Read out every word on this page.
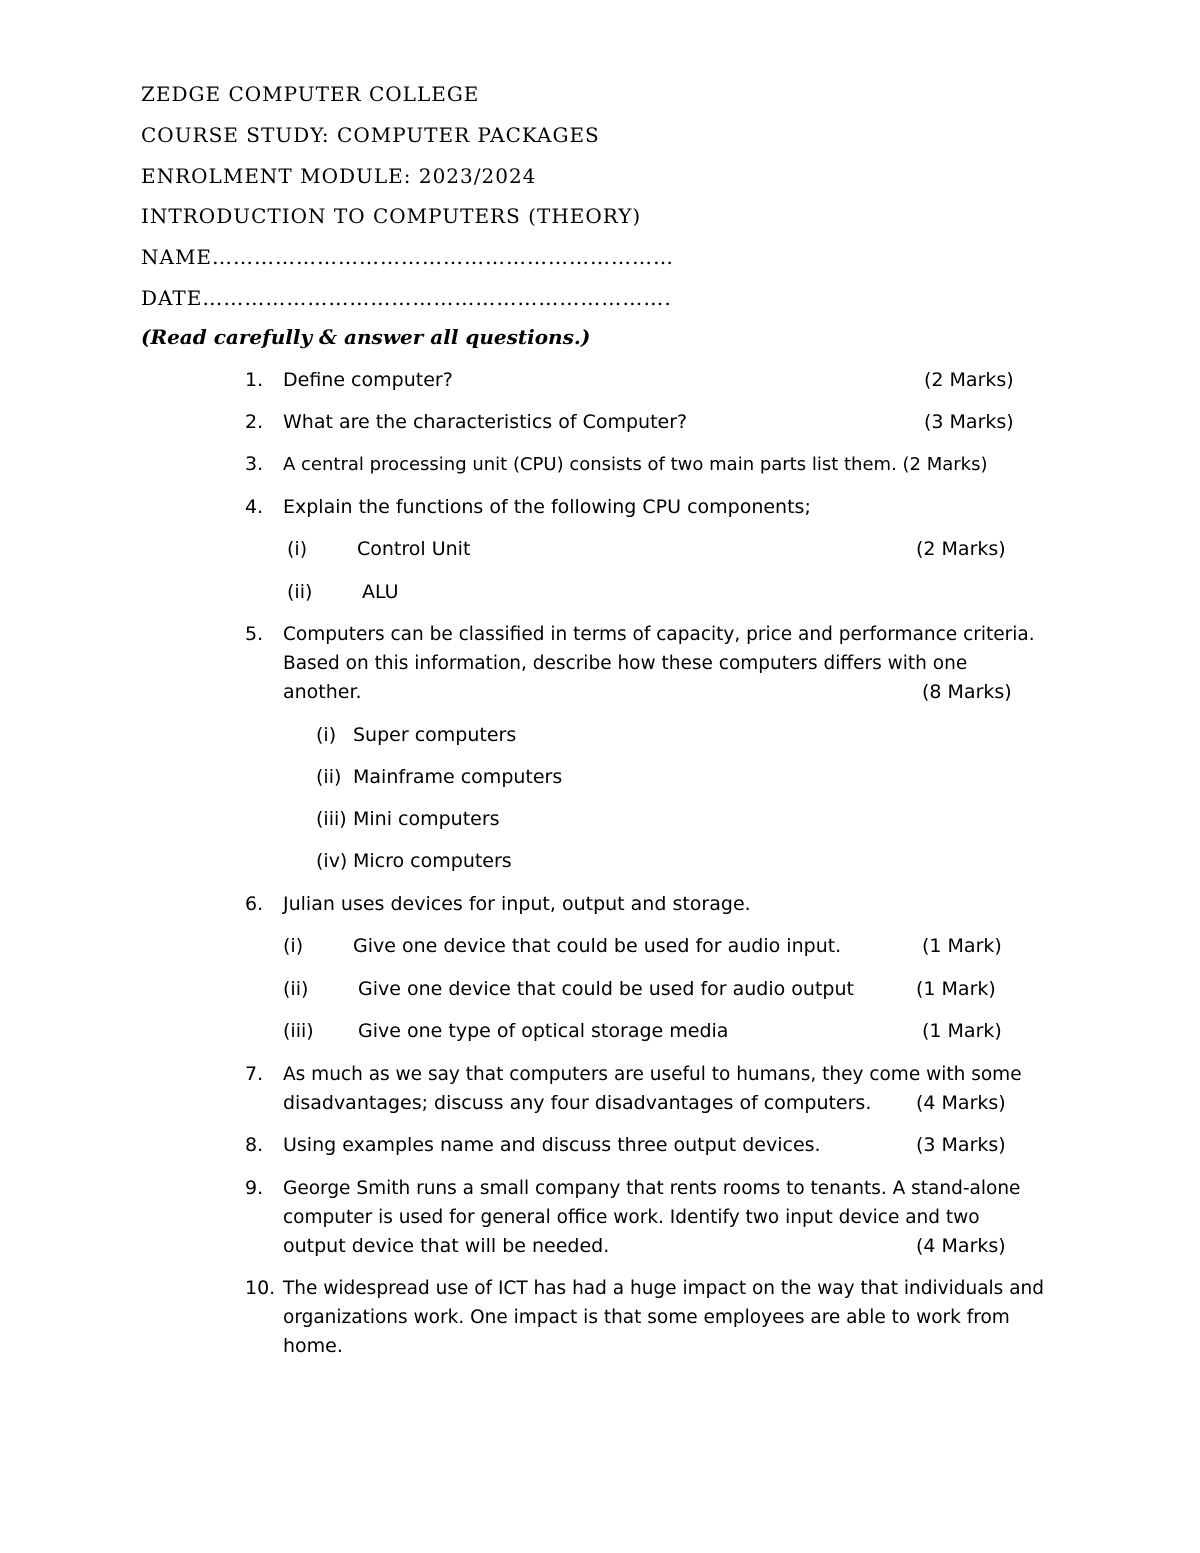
ZEDGE COMPUTER COLLEGE
COURSE STUDY: COMPUTER PACKAGES
ENROLMENT MODULE: 2023/2024
INTRODUCTION TO COMPUTERS (THEORY)
NAME…………………………………………………………
DATE………………………………………………………….
(Read carefully & answer all questions.)
1. Define computer?	(2 Marks)
2. What are the characteristics of Computer?	(3 Marks)
3. A central processing unit (CPU) consists of two main parts list them. (2 Marks)
4. Explain the functions of the following CPU components;
(i)	Control Unit	(2 Marks)
(ii)	ALU
5. Computers can be classified in terms of capacity, price and performance criteria.
Based on this information, describe how these computers differs with one
another.	(8 Marks)
(i) Super computers
(ii) Mainframe computers
(iii) Mini computers
(iv) Micro computers
6. Julian uses devices for input, output and storage.
(i)	Give one device that could be used for audio input.	(1 Mark)
(ii)	Give one device that could be used for audio output	(1 Mark)
(iii) Give one type of optical storage media	(1 Mark)
7. As much as we say that computers are useful to humans, they come with some
disadvantages; discuss any four disadvantages of computers. (4 Marks)
8. Using examples name and discuss three output devices.	(3 Marks)
9. George Smith runs a small company that rents rooms to tenants. A stand-alone
computer is used for general office work. Identify two input device and two
output device that will be needed.	(4 Marks)
10. The widespread use of ICT has had a huge impact on the way that individuals and
organizations work. One impact is that some employees are able to work from
home.
